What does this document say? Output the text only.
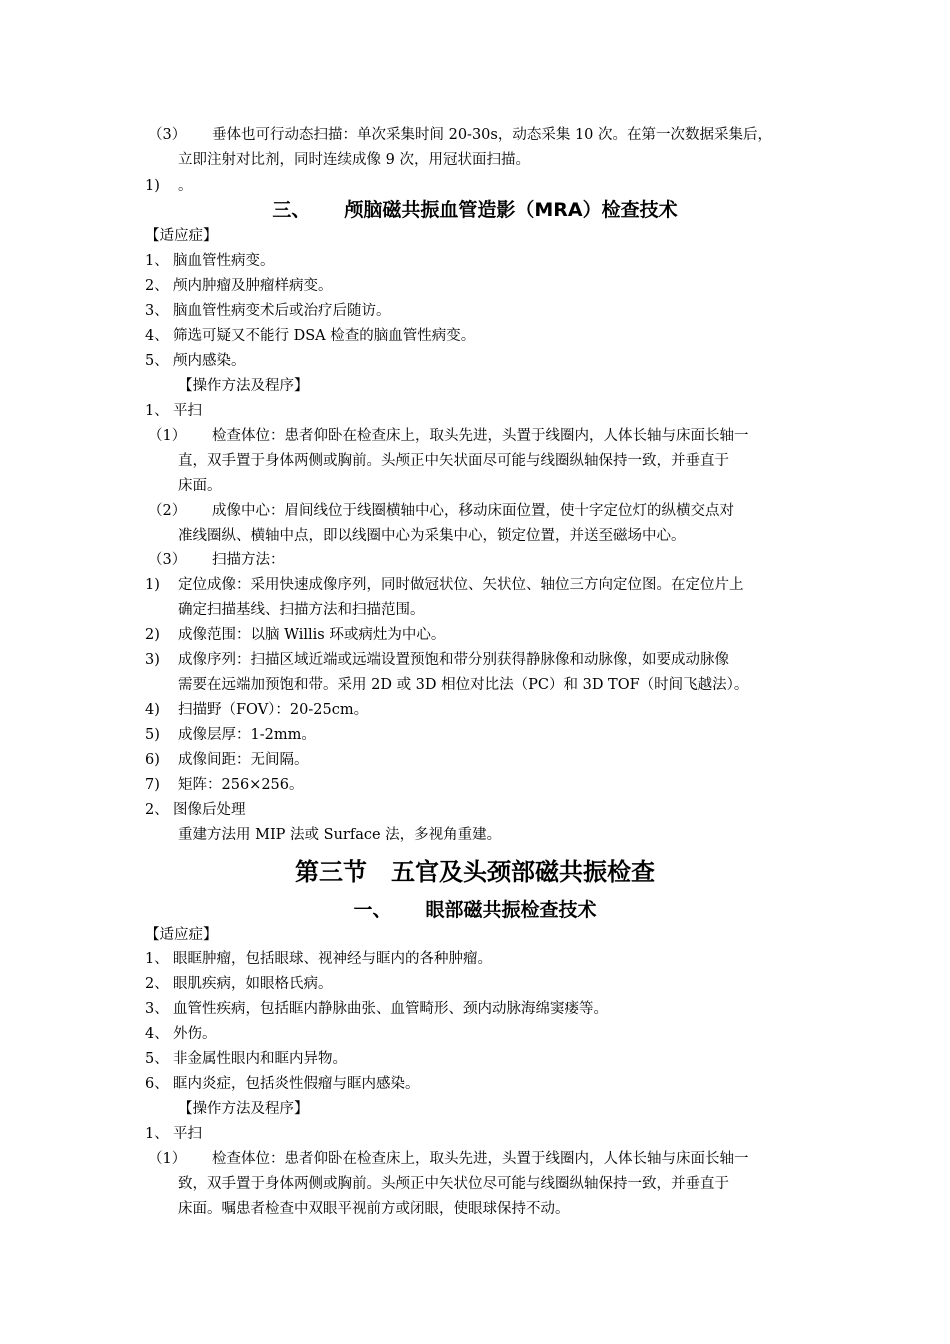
（3） 垂体也可行动态扫描：单次采集时间 20-30s，动态采集 10 次。在第一次数据采集后，
立即注射对比剂，同时连续成像 9 次，用冠状面扫描。
1) 。
三、 颅脑磁共振血管造影（MRA）检查技术
【适应症】
1、 脑血管性病变。
2、 颅内肿瘤及肿瘤样病变。
3、 脑血管性病变术后或治疗后随访。
4、 筛选可疑又不能行 DSA 检查的脑血管性病变。
5、 颅内感染。
【操作方法及程序】
1、 平扫
（1） 检查体位：患者仰卧在检查床上，取头先进，头置于线圈内，人体长轴与床面长轴一
直，双手置于身体两侧或胸前。头颅正中矢状面尽可能与线圈纵轴保持一致，并垂直于
床面。
（2） 成像中心：眉间线位于线圈横轴中心，移动床面位置，使十字定位灯的纵横交点对
准线圈纵、横轴中点，即以线圈中心为采集中心，锁定位置，并送至磁场中心。
（3） 扫描方法：
1) 定位成像：采用快速成像序列，同时做冠状位、矢状位、轴位三方向定位图。在定位片上
确定扫描基线、扫描方法和扫描范围。
2) 成像范围：以脑 Willis 环或病灶为中心。
3) 成像序列：扫描区域近端或远端设置预饱和带分别获得静脉像和动脉像，如要成动脉像
需要在远端加预饱和带。采用 2D 或 3D 相位对比法（PC）和 3D TOF（时间飞越法）。
4) 扫描野（FOV）：20-25cm。
5) 成像层厚：1-2mm。
6) 成像间距：无间隔。
7) 矩阵：256×256。
2、 图像后处理
重建方法用 MIP 法或 Surface 法，多视角重建。
第三节　五官及头颈部磁共振检查
一、 眼部磁共振检查技术
【适应症】
1、 眼眶肿瘤，包括眼球、视神经与眶内的各种肿瘤。
2、 眼肌疾病，如眼格氏病。
3、 血管性疾病，包括眶内静脉曲张、血管畸形、颈内动脉海绵窦瘘等。
4、 外伤。
5、 非金属性眼内和眶内异物。
6、 眶内炎症，包括炎性假瘤与眶内感染。
【操作方法及程序】
1、 平扫
（1） 检查体位：患者仰卧在检查床上，取头先进，头置于线圈内，人体长轴与床面长轴一
致，双手置于身体两侧或胸前。头颅正中矢状位尽可能与线圈纵轴保持一致，并垂直于
床面。嘱患者检查中双眼平视前方或闭眼，使眼球保持不动。
